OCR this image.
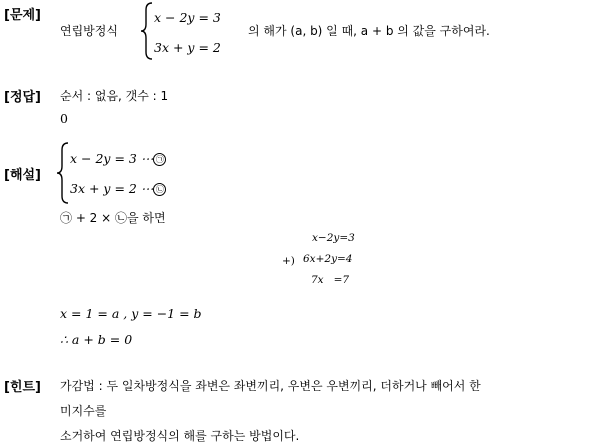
[문제]
연립방정식
x − 2y = 3
3x + y = 2
의 해가 (a, b) 일 때, a + b 의 값을 구하여라.
[정답] 순서 : 없음, 갯수 : 1
0
[해설]
x − 2y = 3 ⋯ ㉠
3x + y = 2 ⋯ ㉡
㉠ + 2 × ㉡을 하면
x−2y=3
+) 6x+2y=4
7x   =7
x = 1 = a , y = −1 = b
∴ a + b = 0
[힌트] 가감법 : 두 일차방정식을 좌변은 좌변끼리, 우변은 우변끼리, 더하거나 빼어서 한
미지수를
소거하여 연립방정식의 해를 구하는 방법이다.
